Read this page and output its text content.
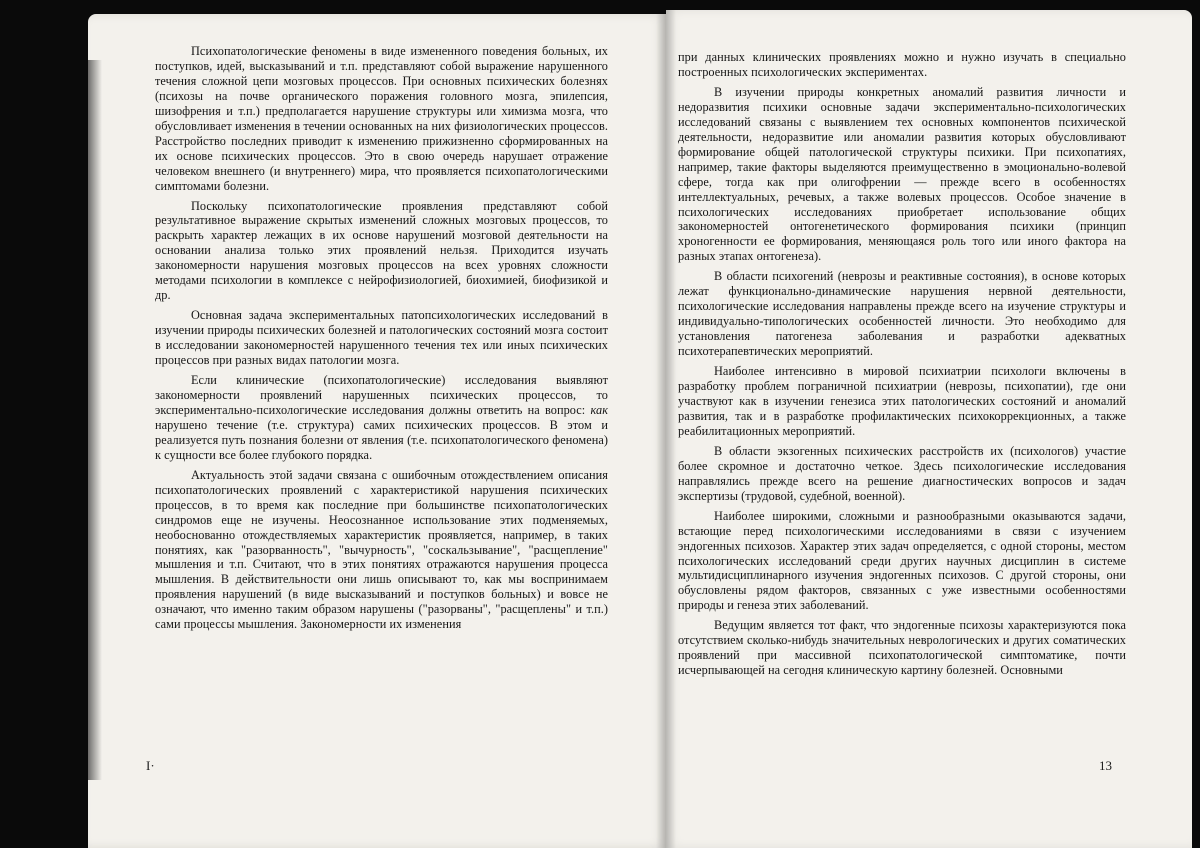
Психопатологические феномены в виде измененного поведения больных, их поступков, идей, высказываний и т.п. представляют собой выражение нарушенного течения сложной цепи мозговых процессов. При основных психических болезнях (психозы на почве органического поражения головного мозга, эпилепсия, шизофрения и т.п.) предполагается нарушение структуры или химизма мозга, что обусловливает изменения в течении основанных на них физиологических процессов. Расстройство последних приводит к изменению прижизненно сформированных на их основе психических процессов. Это в свою очередь нарушает отражение человеком внешнего (и внутреннего) мира, что проявляется психопатологическими симптомами болезни.

Поскольку психопатологические проявления представляют собой результативное выражение скрытых изменений сложных мозговых процессов, то раскрыть характер лежащих в их основе нарушений мозговой деятельности на основании анализа только этих проявлений нельзя. Приходится изучать закономерности нарушения мозговых процессов на всех уровнях сложности методами психологии в комплексе с нейрофизиологией, биохимией, биофизикой и др.

Основная задача экспериментальных патопсихологических исследований в изучении природы психических болезней и патологических состояний мозга состоит в исследовании закономерностей нарушенного течения тех или иных психических процессов при разных видах патологии мозга.

Если клинические (психопатологические) исследования выявляют закономерности проявлений нарушенных психических процессов, то экспериментально-психологические исследования должны ответить на вопрос: как нарушено течение (т.е. структура) самих психических процессов. В этом и реализуется путь познания болезни от явления (т.е. психопатологического феномена) к сущности все более глубокого порядка.

Актуальность этой задачи связана с ошибочным отождествлением описания психопатологических проявлений с характеристикой нарушения психических процессов, в то время как последние при большинстве психопатологических синдромов еще не изучены. Неосознанное использование этих подменяемых, необоснованно отождествляемых характеристик проявляется, например, в таких понятиях, как "разорванность", "вычурность", "соскальзывание", "расщепление" мышления и т.п. Считают, что в этих понятиях отражаются нарушения процесса мышления. В действительности они лишь описывают то, как мы воспринимаем проявления нарушений (в виде высказываний и поступков больных) и вовсе не означают, что именно таким образом нарушены ("разорваны", "расщеплены" и т.п.) сами процессы мышления. Закономерности их изменения

при данных клинических проявлениях можно и нужно изучать в специально построенных психологических экспериментах.

В изучении природы конкретных аномалий развития личности и недоразвития психики основные задачи экспериментально-психологических исследований связаны с выявлением тех основных компонентов психической деятельности, недоразвитие или аномалии развития которых обусловливают формирование общей патологической структуры психики. При психопатиях, например, такие факторы выделяются преимущественно в эмоционально-волевой сфере, тогда как при олигофрении — прежде всего в особенностях интеллектуальных, речевых, а также волевых процессов. Особое значение в психологических исследованиях приобретает использование общих закономерностей онтогенетического формирования психики (принцип хроногенности ее формирования, меняющаяся роль того или иного фактора на разных этапах онтогенеза).

В области психогений (неврозы и реактивные состояния), в основе которых лежат функционально-динамические нарушения нервной деятельности, психологические исследования направлены прежде всего на изучение структуры и индивидуально-типологических особенностей личности. Это необходимо для установления патогенеза заболевания и разработки адекватных психотерапевтических мероприятий.

Наиболее интенсивно в мировой психиатрии психологи включены в разработку проблем пограничной психиатрии (неврозы, психопатии), где они участвуют как в изучении генезиса этих патологических состояний и аномалий развития, так и в разработке профилактических психокоррекционных, а также реабилитационных мероприятий.

В области экзогенных психических расстройств их (психологов) участие более скромное и достаточно четкое. Здесь психологические исследования направлялись прежде всего на решение диагностических вопросов и задач экспертизы (трудовой, судебной, военной).

Наиболее широкими, сложными и разнообразными оказываются задачи, встающие перед психологическими исследованиями в связи с изучением эндогенных психозов. Характер этих задач определяется, с одной стороны, местом психологических исследований среди других научных дисциплин в системе мультидисциплинарного изучения эндогенных психозов. С другой стороны, они обусловлены рядом факторов, связанных с уже известными особенностями природы и генеза этих заболеваний.

Ведущим является тот факт, что эндогенные психозы характеризуются пока отсутствием сколько-нибудь значительных неврологических и других соматических проявлений при массивной психопатологической симптоматике, почти исчерпывающей на сегодня клиническую картину болезней. Основными

I·	13
